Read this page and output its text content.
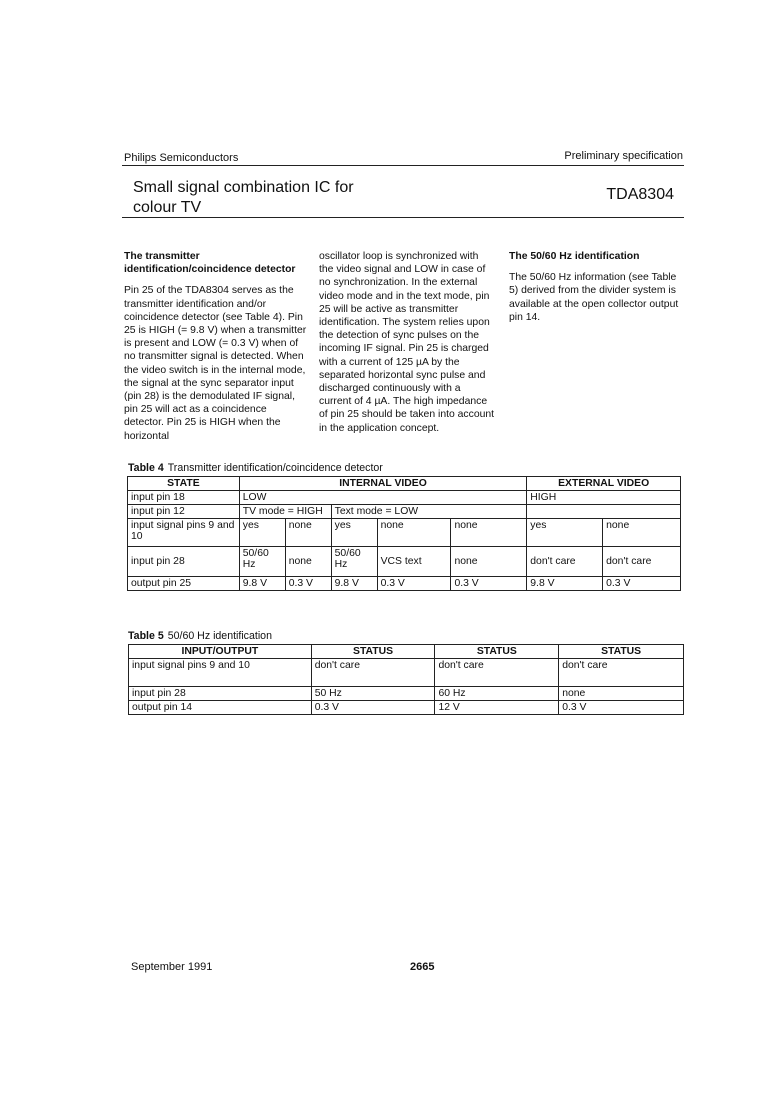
Philips Semiconductors	Preliminary specification
Small signal combination IC for
colour TV
TDA8304

The transmitter
identification/coincidence detector

Pin 25 of the TDA8304 serves as the transmitter identification and/or coincidence detector (see Table 4). Pin 25 is HIGH (= 9.8 V) when a transmitter is present and LOW (= 0.3 V) when of no transmitter signal is detected. When the video switch is in the internal mode, the signal at the sync separator input (pin 28) is the demodulated IF signal, pin 25 will act as a coincidence detector. Pin 25 is HIGH when the horizontal

oscillator loop is synchronized with the video signal and LOW in case of no synchronization. In the external video mode and in the text mode, pin 25 will be active as transmitter identification. The system relies upon the detection of sync pulses on the incoming IF signal. Pin 25 is charged with a current of 125 µA by the separated horizontal sync pulse and discharged continuously with a current of 4 µA. The high impedance of pin 25 should be taken into account in the application concept.

The 50/60 Hz identification

The 50/60 Hz information (see Table 5) derived from the divider system is available at the open collector output pin 14.

Table 4 Transmitter identification/coincidence detector
STATE	INTERNAL VIDEO					EXTERNAL VIDEO	
input pin 18	LOW					HIGH	
input pin 12	TV mode = HIGH		Text mode = LOW				
input signal pins 9 and 10	yes	none	yes	none	none	yes	none
input pin 28	50/60 Hz	none	50/60 Hz	VCS text	none	don't care	don't care
output pin 25	9.8 V	0.3 V	9.8 V	0.3 V	0.3 V	9.8 V	0.3 V
Table 5 50/60 Hz identification
INPUT/OUTPUT	STATUS	STATUS	STATUS
input signal pins 9 and 10	don't care	don't care	don't care
input pin 28	50 Hz	60 Hz	none
output pin 14	0.3 V	12 V	0.3 V
September 1991	2665
